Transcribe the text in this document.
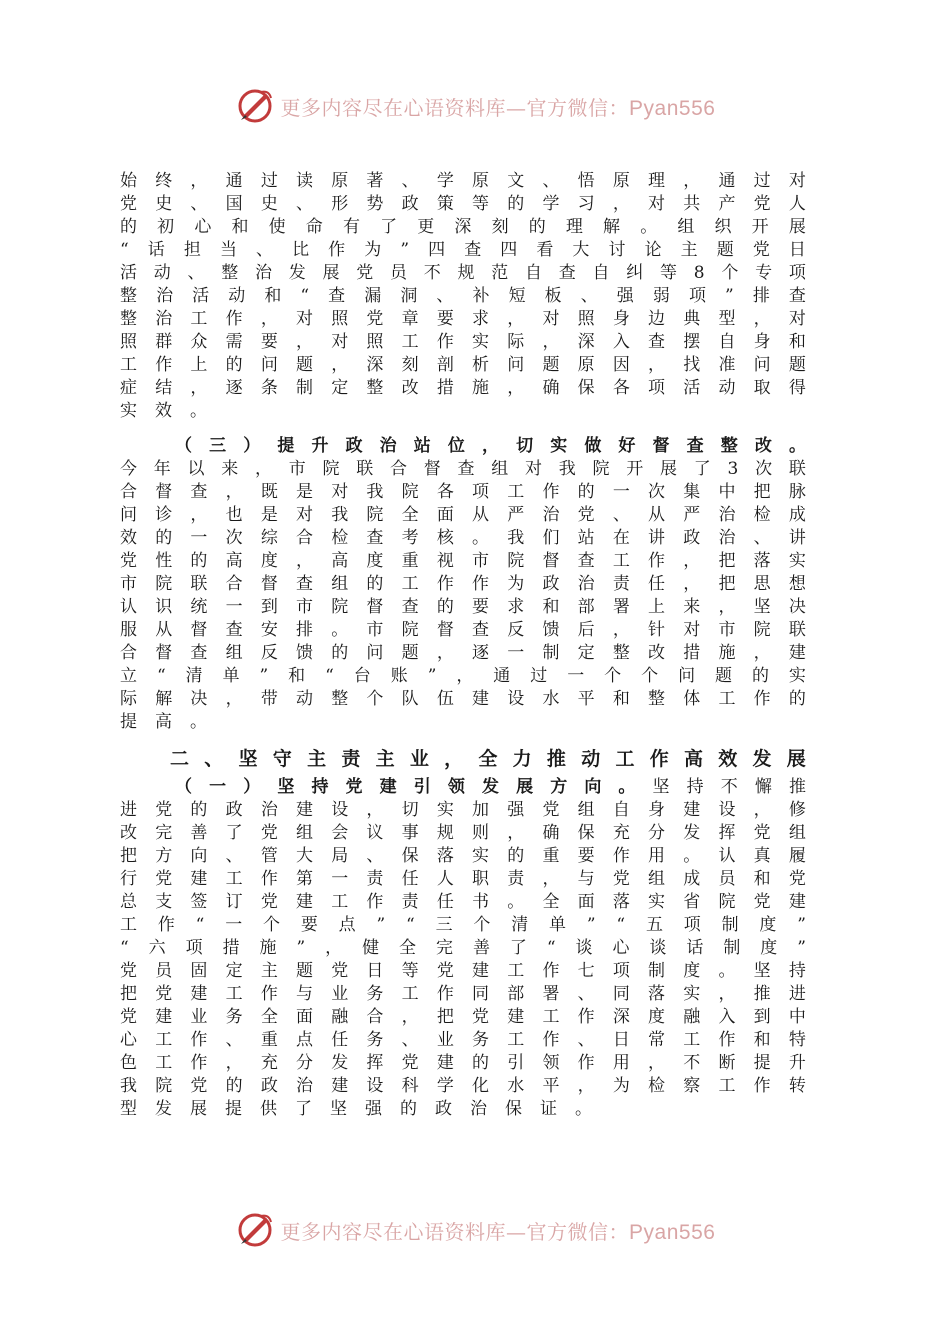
更多内容尽在心语资料库—官方微信：Pyan556
始 终 ， 通 过 读 原 著 、 学 原 文 、 悟 原 理 ， 通 过 对
党 史 、 国 史 、 形 势 政 策 等 的 学 习 ， 对 共 产 党 人
的 初 心 和 使 命 有 了 更 深 刻 的 理 解 。 组 织 开 展
“ 话 担 当 、 比 作 为 ” 四 查 四 看 大 讨 论 主 题 党 日
活 动 、 整 治 发 展 党 员 不 规 范 自 查 自 纠 等 8 个 专 项
整 治 活 动 和 “ 查 漏 洞 、 补 短 板 、 强 弱 项 ” 排 查
整 治 工 作 ， 对 照 党 章 要 求 ， 对 照 身 边 典 型 ， 对
照 群 众 需 要 ， 对 照 工 作 实 际 ， 深 入 查 摆 自 身 和
工 作 上 的 问 题 ， 深 刻 剖 析 问 题 原 因 ， 找 准 问 题
症 结 ， 逐 条 制 定 整 改 措 施 ， 确 保 各 项 活 动 取 得
实	效	。
（ 三 ） 提 升 政 治 站 位 ， 切 实 做 好 督 查 整 改 。
今 年 以 来 ， 市 院 联 合 督 查 组 对 我 院 开 展 了 3 次 联
合 督 查 ， 既 是 对 我 院 各 项 工 作 的 一 次 集 中 把 脉
问 诊 ， 也 是 对 我 院 全 面 从 严 治 党 、 从 严 治 检 成
效 的 一 次 综 合 检 查 考 核 。 我 们 站 在 讲 政 治 、 讲
党 性 的 高 度 ， 高 度 重 视 市 院 督 查 工 作 ， 把 落 实
市 院 联 合 督 查 组 的 工 作 作 为 政 治 责 任 ， 把 思 想
认 识 统 一 到 市 院 督 查 的 要 求 和 部 署 上 来 ， 坚 决
服 从 督 查 安 排 。 市 院 督 查 反 馈 后 ， 针 对 市 院 联
合 督 查 组 反 馈 的 问 题 ， 逐 一 制 定 整 改 措 施 ， 建
立 “ 清 单 ” 和 “ 台 账 ” ， 通 过 一 个 个 问 题 的 实
际 解 决 ， 带 动 整 个 队 伍 建 设 水 平 和 整 体 工 作 的
提	高	。
二 、 坚 守 主 责 主 业 ， 全 力 推 动 工 作 高 效 发 展
（ 一 ） 坚 持 党 建 引 领 发 展 方 向 。 坚 持 不 懈 推
进 党 的 政 治 建 设 ， 切 实 加 强 党 组 自 身 建 设 ， 修
改 完 善 了 党 组 会 议 事 规 则 ， 确 保 充 分 发 挥 党 组
把 方 向 、 管 大 局 、 保 落 实 的 重 要 作 用 。 认 真 履
行 党 建 工 作 第 一 责 任 人 职 责 ， 与 党 组 成 员 和 党
总 支 签 订 党 建 工 作 责 任 书 。 全 面 落 实 省 院 党 建
工 作 “ 一 个 要 点 ” “ 三 个 清 单 ” “ 五 项 制 度 ”
“ 六 项 措 施 ” ， 健 全 完 善 了 “ 谈 心 谈 话 制 度 ”
党 员 固 定 主 题 党 日 等 党 建 工 作 七 项 制 度 。 坚 持
把 党 建 工 作 与 业 务 工 作 同 部 署 、 同 落 实 ， 推 进
党 建 业 务 全 面 融 合 ， 把 党 建 工 作 深 度 融 入 到 中
心 工 作 、 重 点 任 务 、 业 务 工 作 、 日 常 工 作 和 特
色 工 作 ， 充 分 发 挥 党 建 的 引 领 作 用 ， 不 断 提 升
我 院 党 的 政 治 建 设 科 学 化 水 平 ， 为 检 察 工 作 转
型	发	展	提	供	了	坚	强	的	政	治	保	证	。
更多内容尽在心语资料库—官方微信：Pyan556
